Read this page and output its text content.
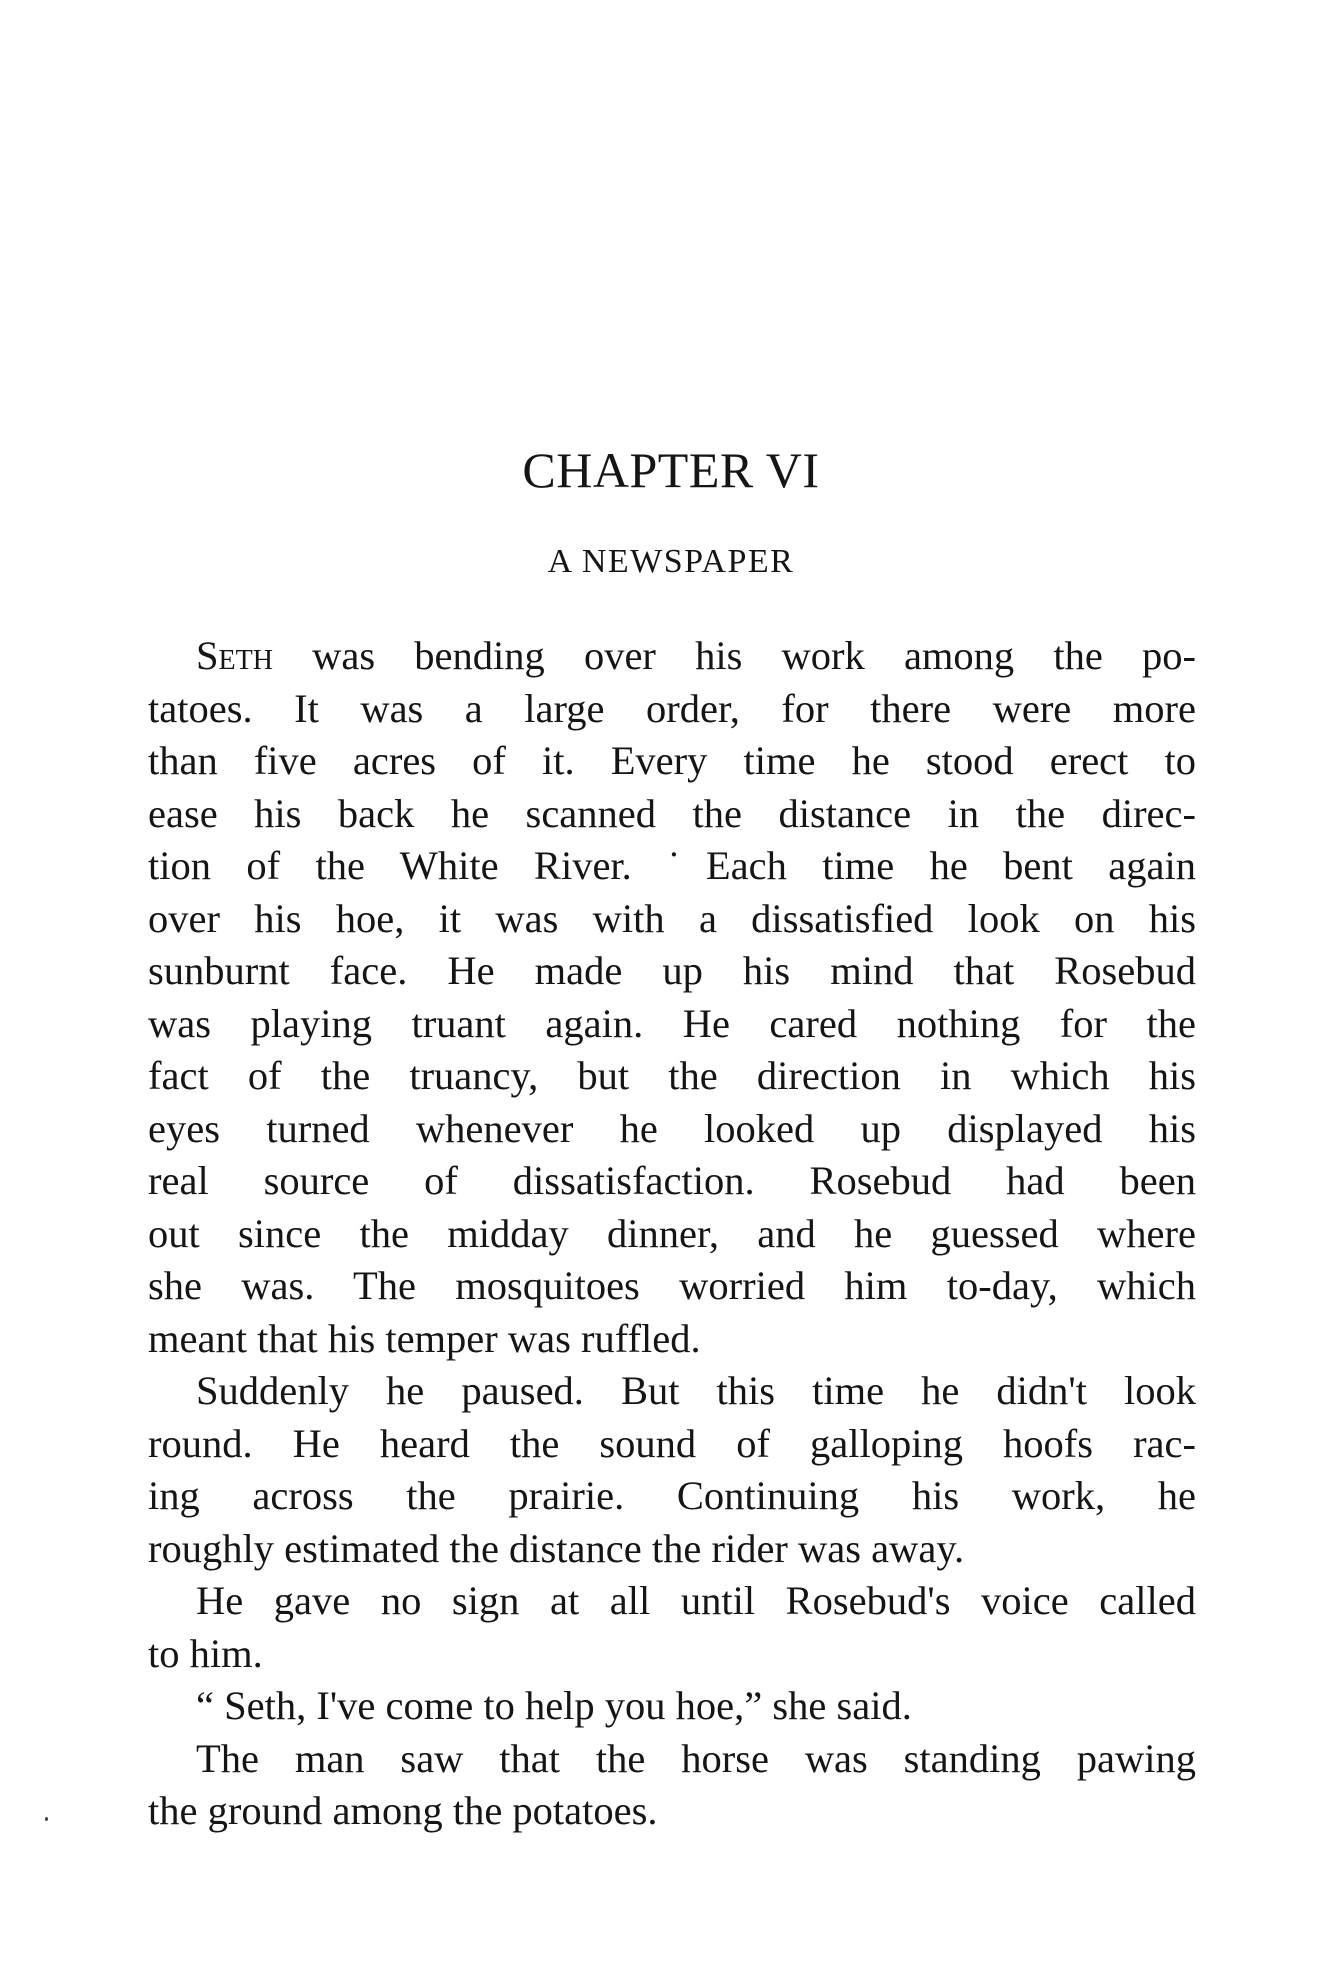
CHAPTER VI
A NEWSPAPER
Seth was bending over his work among the po-
tatoes. It was a large order, for there were more
than five acres of it. Every time he stood erect to
ease his back he scanned the distance in the direc-
tion of the White River. ˙Each time he bent again
over his hoe, it was with a dissatisfied look on his
sunburnt face. He made up his mind that Rosebud
was playing truant again. He cared nothing for the
fact of the truancy, but the direction in which his
eyes turned whenever he looked up displayed his
real source of dissatisfaction. Rosebud had been
out since the midday dinner, and he guessed where
she was. The mosquitoes worried him to-day, which
meant that his temper was ruffled.
Suddenly he paused. But this time he didn't look
round. He heard the sound of galloping hoofs rac-
ing across the prairie. Continuing his work, he
roughly estimated the distance the rider was away.
He gave no sign at all until Rosebud's voice called
to him.
“ Seth, I've come to help you hoe,” she said.
The man saw that the horse was standing pawing
the ground among the potatoes.
